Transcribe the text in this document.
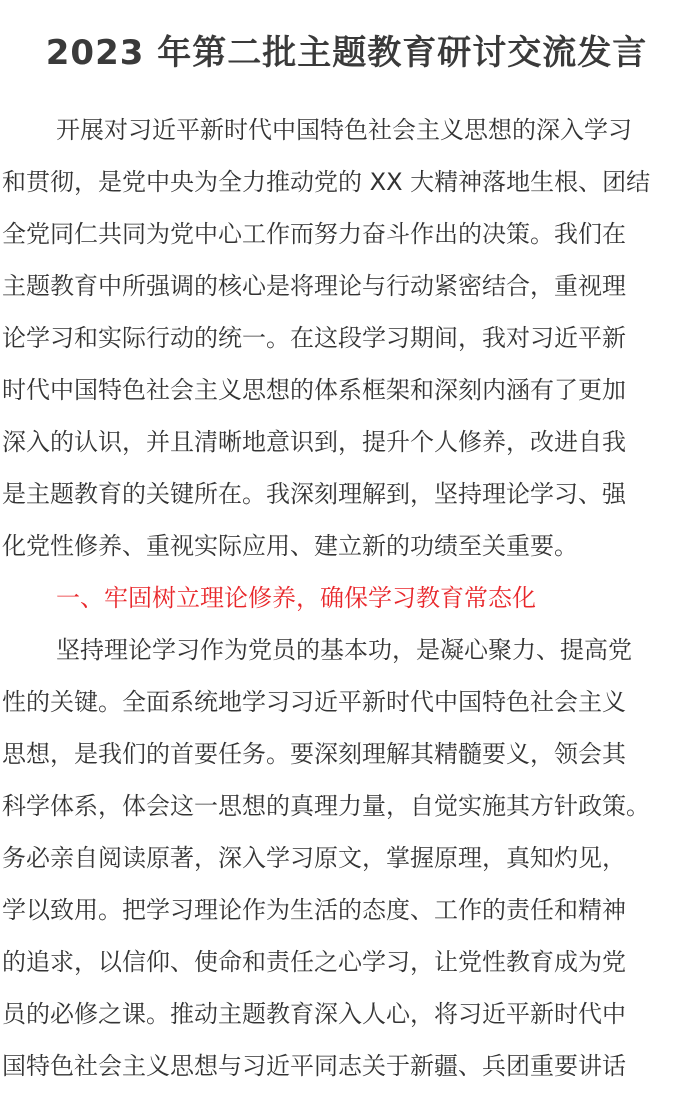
2023 年第二批主题教育研讨交流发言
开展对习近平新时代中国特色社会主义思想的深入学习
和贯彻，是党中央为全力推动党的 XX 大精神落地生根、团结
全党同仁共同为党中心工作而努力奋斗作出的决策。我们在
主题教育中所强调的核心是将理论与行动紧密结合，重视理
论学习和实际行动的统一。在这段学习期间，我对习近平新
时代中国特色社会主义思想的体系框架和深刻内涵有了更加
深入的认识，并且清晰地意识到，提升个人修养，改进自我
是主题教育的关键所在。我深刻理解到，坚持理论学习、强
化党性修养、重视实际应用、建立新的功绩至关重要。
一、牢固树立理论修养，确保学习教育常态化
坚持理论学习作为党员的基本功，是凝心聚力、提高党
性的关键。全面系统地学习习近平新时代中国特色社会主义
思想，是我们的首要任务。要深刻理解其精髓要义，领会其
科学体系，体会这一思想的真理力量，自觉实施其方针政策。
务必亲自阅读原著，深入学习原文，掌握原理，真知灼见，
学以致用。把学习理论作为生活的态度、工作的责任和精神
的追求，以信仰、使命和责任之心学习，让党性教育成为党
员的必修之课。推动主题教育深入人心，将习近平新时代中
国特色社会主义思想与习近平同志关于新疆、兵团重要讲话
